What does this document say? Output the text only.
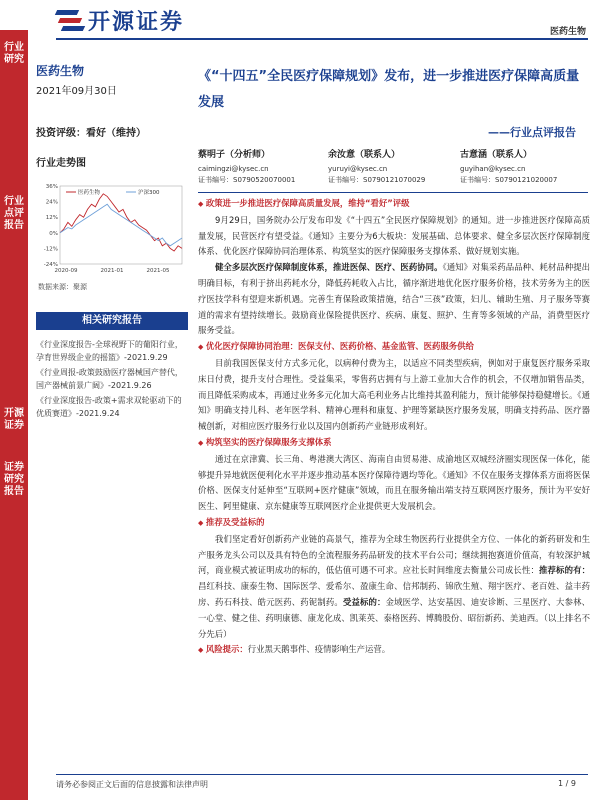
开源证券	医药生物
行业研究
行业点评报告
开源证券
证券研究报告
医药生物
2021年09月30日
投资评级：看好（维持）
行业走势图
-24%
-12%
0%
12%
24%
36%
2020-09	2021-01	2021-05
医药生物	沪深300
数据来源：聚源
相关研究报告
《行业深度报告-全球视野下的葡阳行业，孕育世界级企业的摇篮》-2021.9.29
《行业周报-政策鼓励医疗器械国产替代，国产器械前景广阔》-2021.9.26
《行业深度报告-政策+需求双轮驱动下的优质赛道》-2021.9.24
《“十四五”全民医疗保障规划》发布，进一步推进医疗保障高质量发展
——行业点评报告
蔡明子（分析师）
caimingzi@kysec.cn
证书编号：S0790520070001
余汝意（联系人）
yuruyi@kysec.cn
证书编号：S0790121070029
古意涵（联系人）
guyihan@kysec.cn
证书编号：S0790121020007
◆ 政策进一步推进医疗保障高质量发展，维持“看好”评级
9月29日，国务院办公厅发布印发《“十四五”全民医疗保障规划》的通知。进一步推进医疗保障高质量发展，民营医疗有望受益。《通知》主要分为6大板块：发展基础、总体要求、健全多层次医疗保障制度体系、优化医疗保障协同治理体系、构筑坚实的医疗保障服务支撑体系、做好规划实施。
健全多层次医疗保障制度体系，推进医保、医疗、医药协同。《通知》对集采药品品种、耗材品种提出明确目标，有利于挤出药耗水分，降低药耗收入占比，循序渐进地优化医疗服务价格，技术劳务为主的医疗医技学科有望迎来新机遇。完善生育保险政策措施，结合“三孩”政策，妇儿、辅助生殖、月子服务等赛道的需求有望持续增长。鼓励商业保险提供医疗、疾病、康复、照护、生育等多领域的产品，消费型医疗服务受益。
◆ 优化医疗保障协同治理：医保支付、医药价格、基金监管、医药服务供给
目前我国医保支付方式多元化，以病种付费为主，以适应不同类型疾病，例如对于康复医疗服务采取床日付费，提升支付合理性。受益集采，零售药店拥有与上游工业加大合作的机会，不仅增加销售品类，而且降低采购成本，再通过业务多元化加大高毛利业务占比维持其盈利能力，预计能够保持稳健增长。《通知》明确支持儿科、老年医学科、精神心理科和康复、护理等紧缺医疗服务发展，明确支持药品、医疗器械创新，对相应医疗服务行业以及国内创新药产业链形成利好。
◆ 构筑坚实的医疗保障服务支撑体系
通过在京津冀、长三角、粤港澳大湾区、海南自由贸易港、成渝地区双城经济圈实现医保一体化，能够提升异地就医便利化水平并逐步推动基本医疗保障待遇均等化。《通知》不仅在服务支撑体系方面将医保价格、医保支付延伸至“互联网+医疗健康”领域，而且在服务输出端支持互联网医疗服务，预计为平安好医生、阿里健康、京东健康等互联网医疗企业提供更大发展机会。
◆ 推荐及受益标的
我们坚定看好创新药产业链的高景气，推荐为全球生物医药行业提供全方位、一体化的新药研发和生产服务龙头公司以及具有特色的全流程服务药品研发的技术平台公司；继续拥抱赛道价值高，有较深护城河，商业模式被证明成功的标的，低估值可遇不可求。应社长时间维度去衡量公司成长性：推荐标的有：昌红科技、康泰生物、国际医学、爱希尔、盈康生命、信邦制药、锦欣生殖、翔宇医疗、老百姓、益丰药房、药石科技、皓元医药、药铌制药。受益标的：金域医学、达安基因、迪安诊断、三星医疗、大参林、一心堂、健之佳、药明康德、康龙化成、凯莱英、泰格医药、博腾股份、昭衍新药、美迪西。（以上排名不分先后）
◆ 风险提示：行业黑天鹅事件、疫情影响生产运营。
请务必参阅正文后面的信息披露和法律声明	1 / 9
